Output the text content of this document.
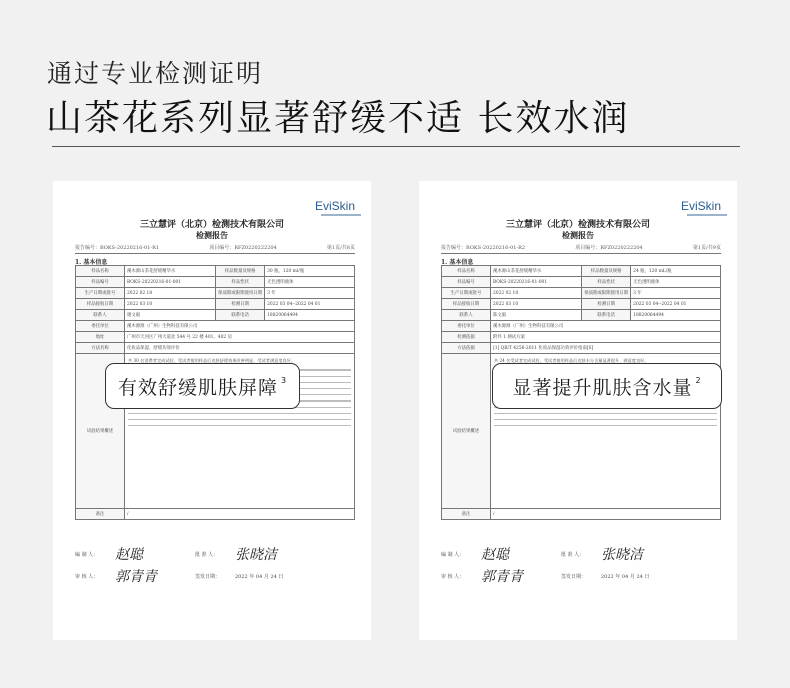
通过专业检测证明
山茶花系列显著舒缓不适 长效水润
EviSkin
三立慧评（北京）检测技术有限公司
检测报告
报告编号：BOKS-20220216-01-R1	项目编号：RFZ0220222204	第1页/共8页
1. 基本信息
样品名称	溪木源山茶花舒缓精华水	样品数量及规格	30 瓶，120 ml/瓶
样品编号	BOKS-20220216-01-001	样品性状	无色透明液体
生产日期或批号	2022 02 18	保质期或限期使用日期	3 年
样品接收日期	2022 03 10	检测日期	2022 03 04--2022 04 01
联系人	谢文毅	联系电话	18820064494
委托单位	溪木源源（广州）生物科技有限公司		
地址	广州市天河区广州大道北 544 号 22 楼 401、402 房		
方法名称	化妆品保湿、舒缓功效评价		
试验结果概述	共 30 名消费者完成试验，受试者使用样品后皮肤舒缓效果改善明显，受试者满意度良好。		

备注	/		
编 制 人：	赵聪	批 准 人：	张晓洁
审 核 人：	郭青青	签发日期：	2022 年 04 月 24 日
EviSkin
三立慧评（北京）检测技术有限公司
检测报告
报告编号：BOKS-20220216-01-R2	项目编号：RFZ0220222204	第1页/共9页
1. 基本信息
样品名称	溪木源山茶花舒缓精华水	样品数量及规格	24 瓶，120 mL/瓶
样品编号	BOKS-20220216-01-001	样品性状	无色透明液体
生产日期或批号	2022 02 18	保质期或限期使用日期	3 年
样品接收日期	2022 03 10	检测日期	2022 03 04--2022 04 01
联系人	陈文毅	联系电话	18820064494
委托单位	溪木源源（广州）生物科技有限公司		
检测依据	附件 1 测试方案		
方法依据	[1] QB/T 4256-2011 化妆品保湿功效评价指南[S]		
试验结果概述	共 24 名受试者完成试验，受试者使用样品后皮肤水分含量显著提升，满意度良好。		

备注	/		
编 制 人：	赵聪	批 准 人：	张晓洁
审 核 人：	郭青青	签发日期：	2022 年 04 月 24 日
有效舒缓肌肤屏障 $^3$	显著提升肌肤含水量 $^2$
